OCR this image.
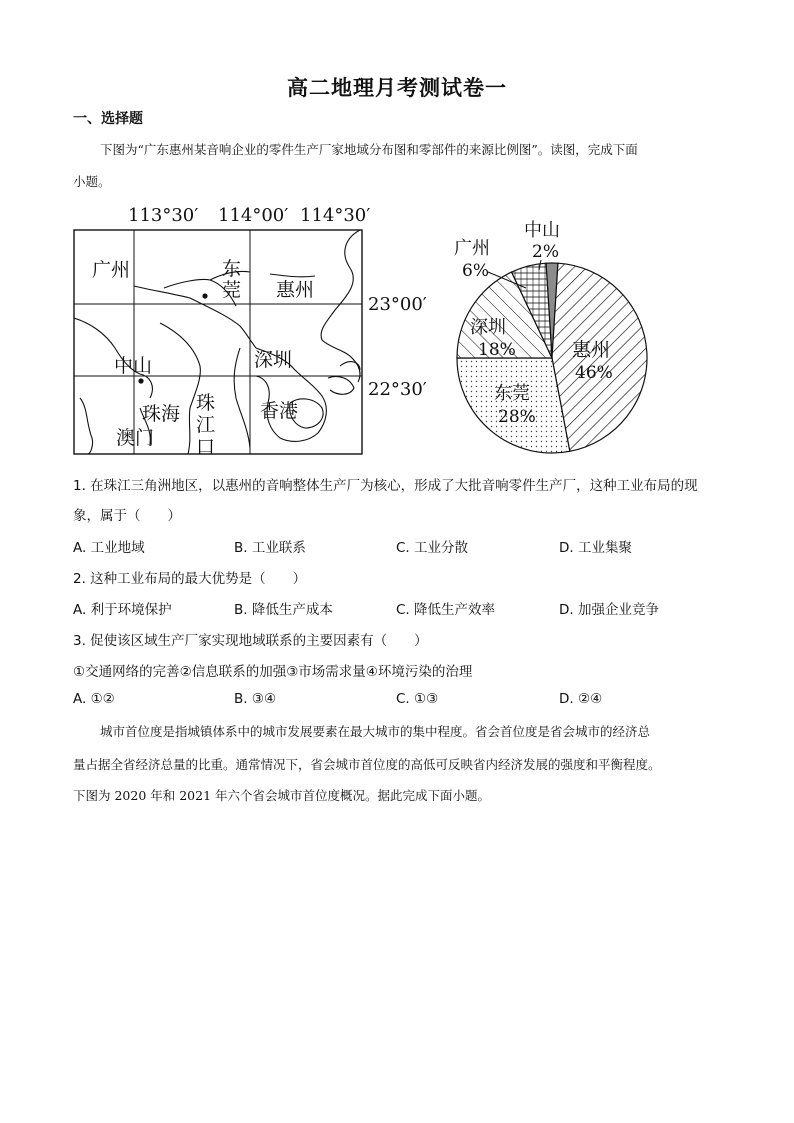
高二地理月考测试卷一
一、选择题
下图为“广东惠州某音响企业的零件生产厂家地域分布图和零部件的来源比例图”。读图，完成下面
小题。
113°30′ 114°00′ 114°30′
广州	东
莞 惠州
中山	深圳
珠海
澳门
珠
江
口
香港
23°00′
22°30′
中山
2%
广州
6%
深圳
18%	惠州
46%
东莞
28%
1. 在珠江三角洲地区，以惠州的音响整体生产厂为核心，形成了大批音响零件生产厂，这种工业布局的现
象，属于（　　）
A. 工业地域	B. 工业联系	C. 工业分散	D. 工业集聚
2. 这种工业布局的最大优势是（　　）
A. 利于环境保护	B. 降低生产成本	C. 降低生产效率	D. 加强企业竞争
3. 促使该区域生产厂家实现地域联系的主要因素有（　　）
①交通网络的完善②信息联系的加强③市场需求量④环境污染的治理
A. ①②	B. ③④	C. ①③	D. ②④
城市首位度是指城镇体系中的城市发展要素在最大城市的集中程度。省会首位度是省会城市的经济总
量占据全省经济总量的比重。通常情况下，省会城市首位度的高低可反映省内经济发展的强度和平衡程度。
下图为 2020 年和 2021 年六个省会城市首位度概况。据此完成下面小题。
